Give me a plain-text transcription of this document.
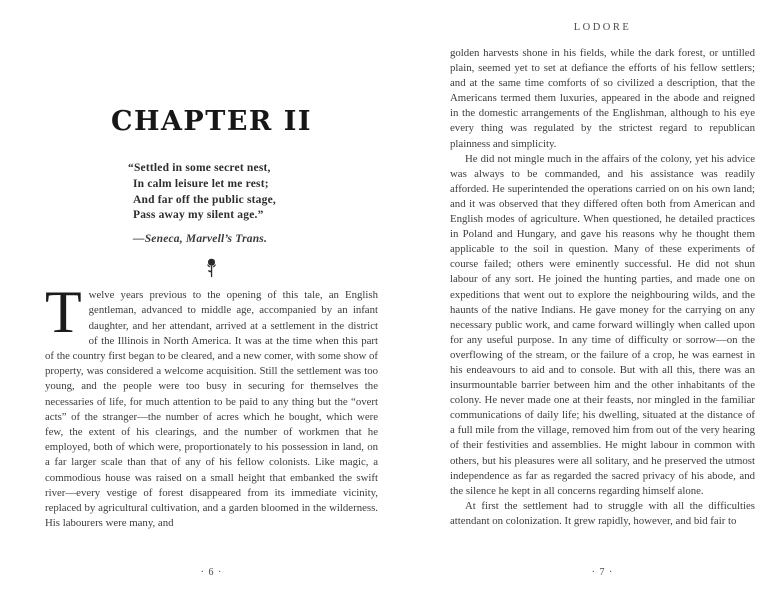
CHAPTER II
“Settled in some secret nest,
In calm leisure let me rest;
And far off the public stage,
Pass away my silent age.”
—Seneca, Marvell’s Trans.
Twelve years previous to the opening of this tale, an English gentleman, advanced to middle age, accompanied by an infant daughter, and her attendant, arrived at a settlement in the district of the Illinois in North America. It was at the time when this part of the country first began to be cleared, and a new comer, with some show of property, was considered a welcome acquisition. Still the settlement was too young, and the people were too busy in securing for themselves the necessaries of life, for much attention to be paid to any thing but the “overt acts” of the stranger—the number of acres which he bought, which were few, the extent of his clearings, and the number of workmen that he employed, both of which were, proportionately to his possession in land, on a far larger scale than that of any of his fellow colonists. Like magic, a commodious house was raised on a small height that embanked the swift river—every vestige of forest disappeared from its immediate vicinity, replaced by agricultural cultivation, and a garden bloomed in the wilderness. His labourers were many, and
· 6 ·
LODORE

golden harvests shone in his fields, while the dark forest, or untilled plain, seemed yet to set at defiance the efforts of his fellow settlers; and at the same time comforts of so civilized a description, that the Americans termed them luxuries, appeared in the abode and reigned in the domestic arrangements of the Englishman, although to his eye every thing was regulated by the strictest regard to republican plainness and simplicity.

He did not mingle much in the affairs of the colony, yet his advice was always to be commanded, and his assistance was readily afforded. He superintended the operations carried on on his own land; and it was observed that they differed often both from American and English modes of agriculture. When questioned, he detailed practices in Poland and Hungary, and gave his reasons why he thought them applicable to the soil in question. Many of these experiments of course failed; others were eminently successful. He did not shun labour of any sort. He joined the hunting parties, and made one on expeditions that went out to explore the neighbouring wilds, and the haunts of the native Indians. He gave money for the carrying on any necessary public work, and came forward willingly when called upon for any useful purpose. In any time of difficulty or sorrow—on the overflowing of the stream, or the failure of a crop, he was earnest in his endeavours to aid and to console. But with all this, there was an insurmountable barrier between him and the other inhabitants of the colony. He never made one at their feasts, nor mingled in the familiar communications of daily life; his dwelling, situated at the distance of a full mile from the village, removed him from out of the very hearing of their festivities and assemblies. He might labour in common with others, but his pleasures were all solitary, and he preserved the utmost independence as far as regarded the sacred privacy of his abode, and the silence he kept in all concerns regarding himself alone.

At first the settlement had to struggle with all the difficulties attendant on colonization. It grew rapidly, however, and bid fair to

· 7 ·
